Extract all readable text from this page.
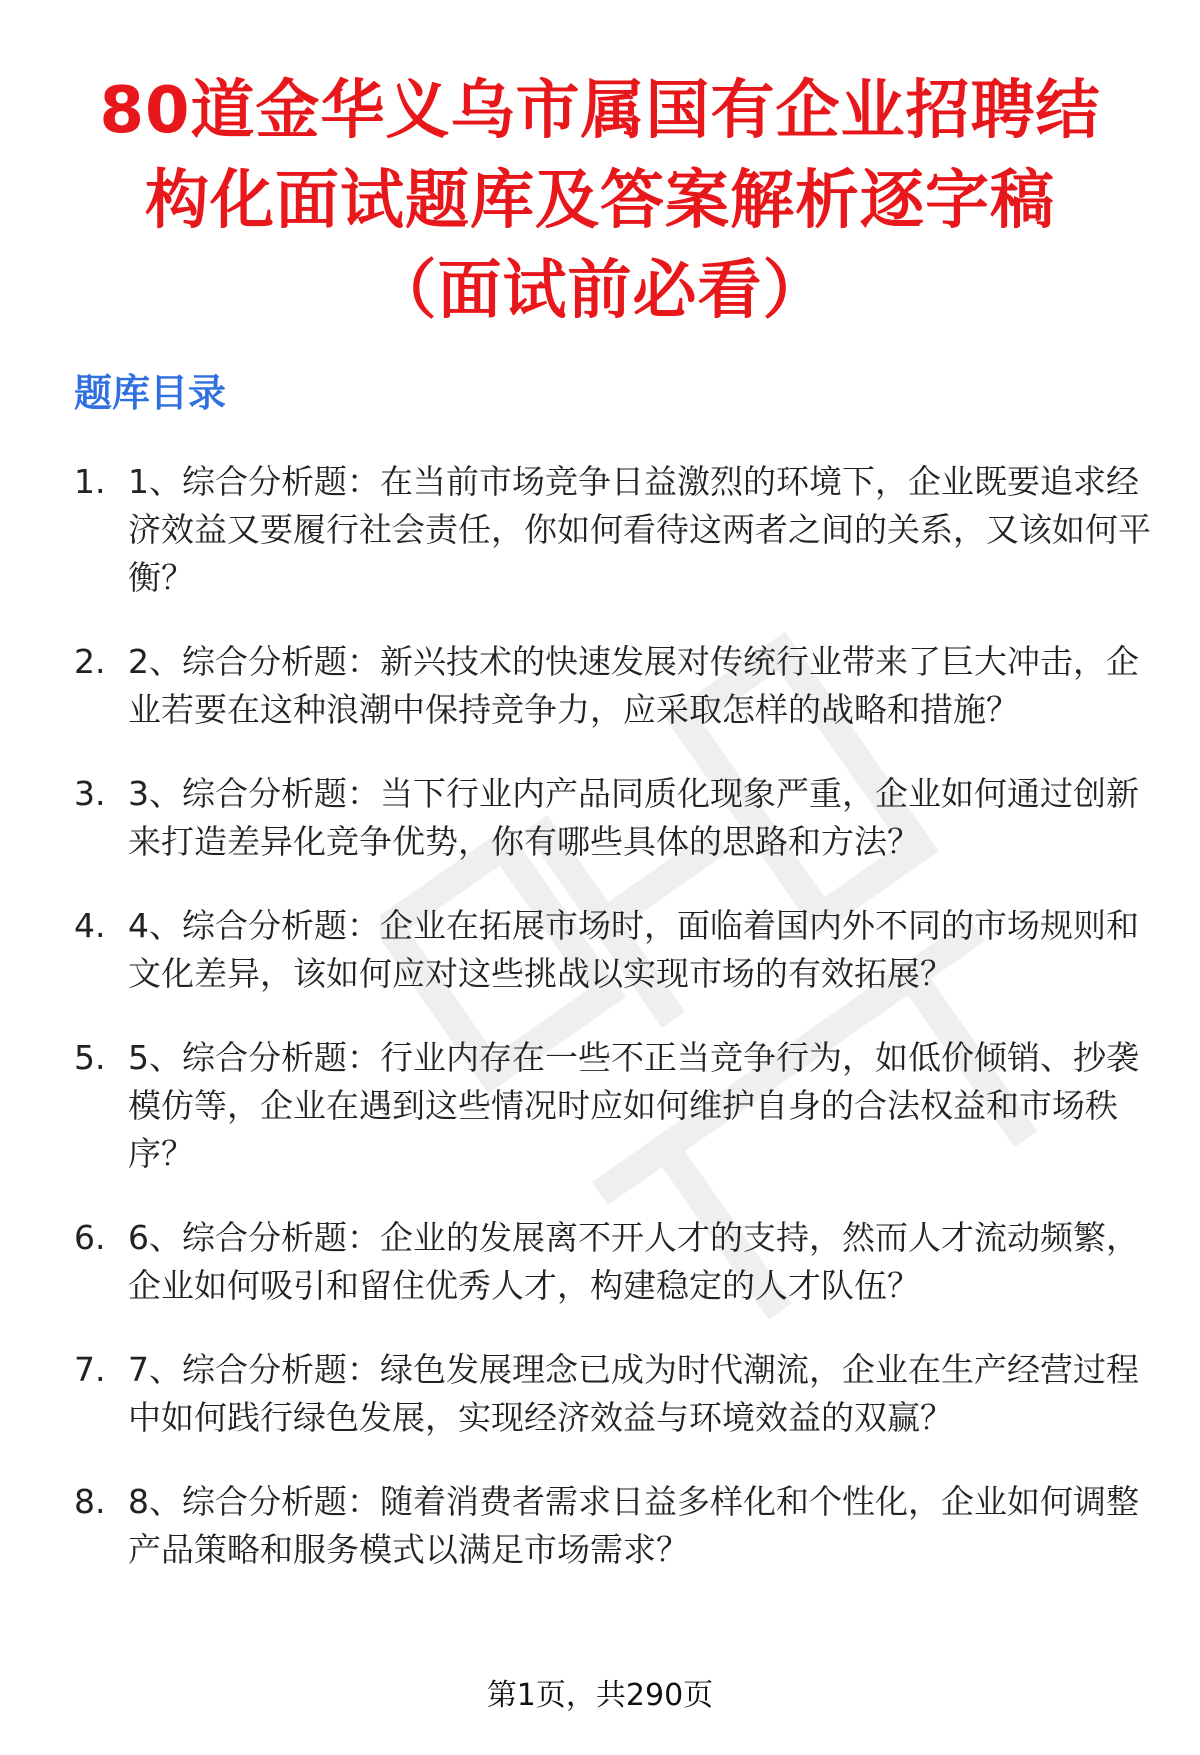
80道金华义乌市属国有企业招聘结
构化面试题库及答案解析逐字稿
（面试前必看）
题库目录
1. 1、综合分析题：在当前市场竞争日益激烈的环境下，企业既要追求经济效益又要履行社会责任，你如何看待这两者之间的关系，又该如何平衡？
2. 2、综合分析题：新兴技术的快速发展对传统行业带来了巨大冲击，企业若要在这种浪潮中保持竞争力，应采取怎样的战略和措施？
3. 3、综合分析题：当下行业内产品同质化现象严重，企业如何通过创新来打造差异化竞争优势，你有哪些具体的思路和方法？
4. 4、综合分析题：企业在拓展市场时，面临着国内外不同的市场规则和文化差异，该如何应对这些挑战以实现市场的有效拓展？
5. 5、综合分析题：行业内存在一些不正当竞争行为，如低价倾销、抄袭模仿等，企业在遇到这些情况时应如何维护自身的合法权益和市场秩序？
6. 6、综合分析题：企业的发展离不开人才的支持，然而人才流动频繁，企业如何吸引和留住优秀人才，构建稳定的人才队伍？
7. 7、综合分析题：绿色发展理念已成为时代潮流，企业在生产经营过程中如何践行绿色发展，实现经济效益与环境效益的双赢？
8. 8、综合分析题：随着消费者需求日益多样化和个性化，企业如何调整产品策略和服务模式以满足市场需求？
第1页，共290页
